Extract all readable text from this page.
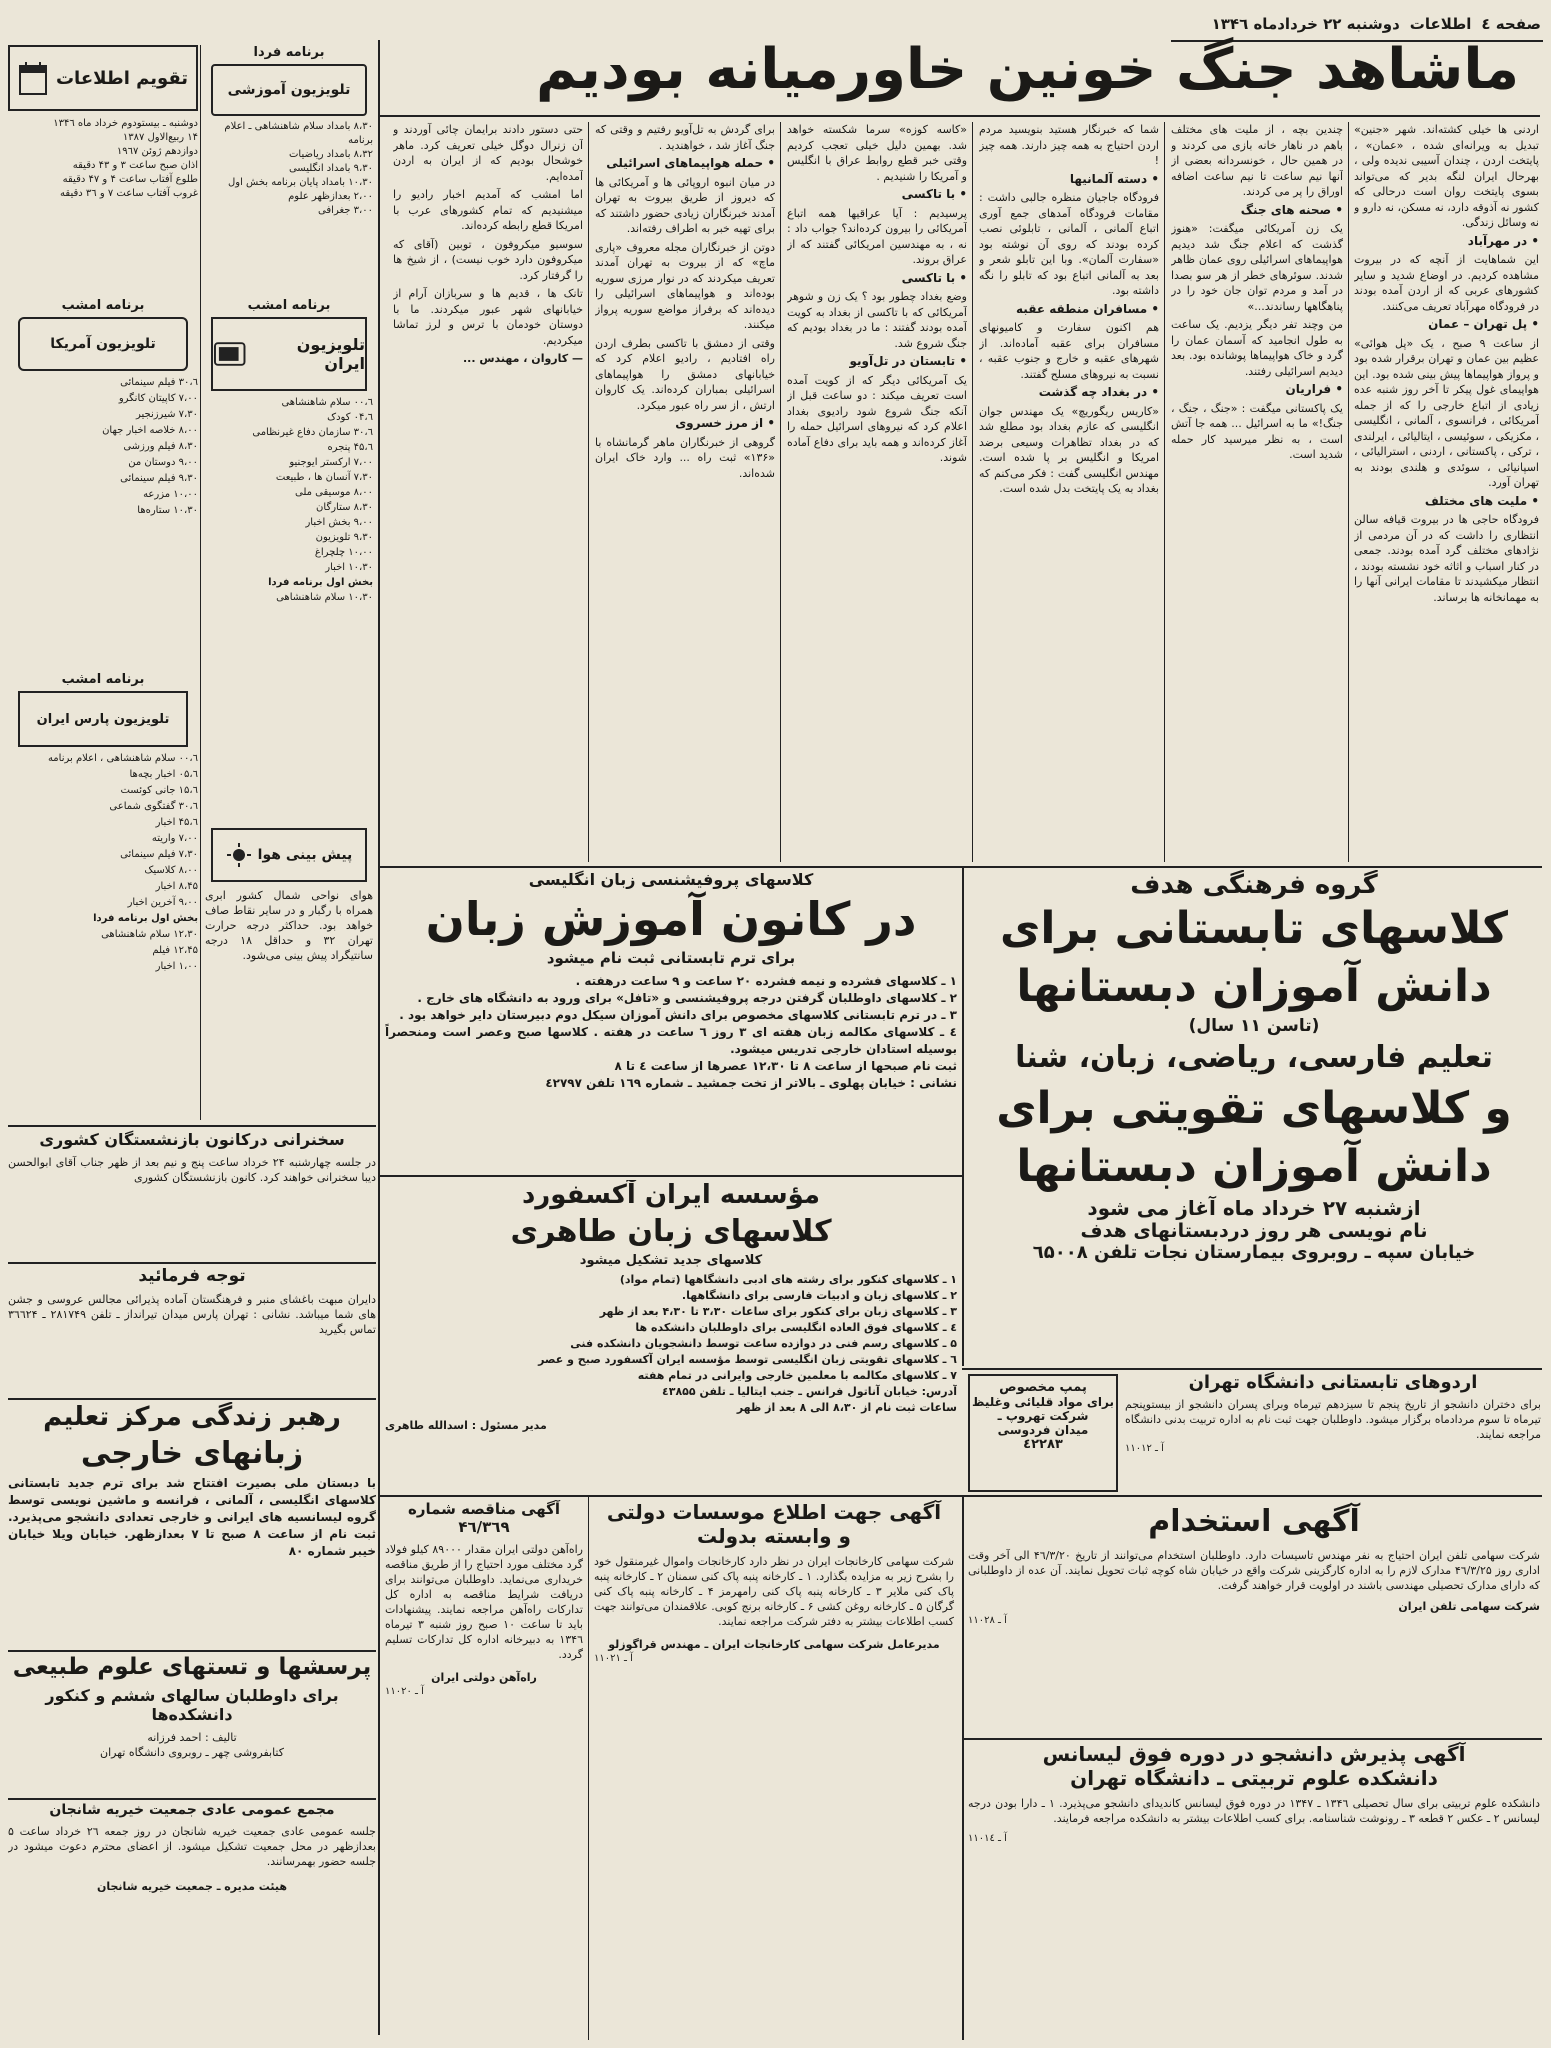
صفحه ٤
اطلاعات
دوشنبه ۲۲ خردادماه ۱۳۴٦
ماشاهد جنگ خونین خاورمیانه بودیم

اردنی ها خیلی کشته‌اند. شهر «جنین» تبدیل به ویرانه‌ای شده ، «عمان» ، پایتخت اردن ، چندان آسیبی ندیده ولی ، بهرحال ایران لنگه بدیر که می‌تواند بسوی پایتخت روان است درحالی که کشور نه آذوقه دارد، نه مسکن، نه دارو و نه وسائل زندگی.

• در مهرآباد

این شماهایت از آنچه که در بیروت مشاهده کردیم. در اوضاع شدید و سایر کشورهای عربی که از اردن آمده بودند در فرودگاه مهرآباد تعریف می‌کنند.

• پل تهران – عمان

از ساعت ۹ صبح ، یک «پل هوائی» عظیم بین عمان و تهران برقرار شده بود و پرواز هواپیماها پیش بینی شده بود. این هواپیمای غول پیکر تا آخر روز شنبه عده زیادی از اتباع خارجی را که از جمله آمریکائی ، فرانسوی ، آلمانی ، انگلیسی ، مکزیکی ، سوئیسی ، ایتالیائی ، ایرلندی ، ترکی ، پاکستانی ، اردنی ، استرالیائی ، اسپانیائی ، سوئدی و هلندی بودند به تهران آورد.

• ملیت های مختلف

فرودگاه حاجی ها در بیروت قیافه سالن انتظاری را داشت که در آن مردمی از نژادهای مختلف گرد آمده بودند. جمعی در کنار اسباب و اثاثه خود نشسته بودند ، انتظار میکشیدند تا مقامات ایرانی آنها را به مهمانخانه ها برساند.

چندین بچه ، از ملیت های مختلف باهم در ناهار خانه بازی می کردند و در همین حال ، خونسردانه بعضی از آنها نیم ساعت تا نیم ساعت اضافه اوراق را پر می کردند.

• صحنه های جنگ

یک زن آمریکائی میگفت: «هنوز گذشت که اعلام جنگ شد دیدیم هواپیماهای اسرائیلی روی عمان ظاهر شدند. سوئرهای خطر از هر سو بصدا در آمد و مردم توان جان خود را در پناهگاهها رساندند...»

من وچند تفر دیگر یزدیم. یک ساعت به طول انجامید که آسمان عمان را گرد و خاک هواپیماها پوشانده بود. بعد دیدیم اسرائیلی رفتند.

• فراریان

یک پاکستانی میگفت : «جنگ ، جنگ ، جنگ!» ما به اسرائیل ... همه جا آتش است ، به نظر میرسید کار حمله شدید است.

شما که خبرنگار هستید بنویسید مردم اردن احتیاج به همه چیز دارند. همه چیز !

• دسته آلمانیها

فرودگاه جاجیان منظره جالبی داشت : مقامات فرودگاه آمدهای جمع آوری اتباع آلمانی ، آلمانی ، تابلوئی نصب کرده بودند که روی آن نوشته بود «سفارت آلمان». وبا این تابلو شعر و بعد به آلمانی اتباع بود که تابلو را نگه داشته بود.

• مسافران منطقه عقبه

هم اکنون سفارت و کامیونهای مسافران برای عقبه آماده‌اند. از شهرهای عقبه و خارج و جنوب عقبه ، نسبت به نیروهای مسلح گفتند.

• در بغداد چه گذشت

«کاریس ریگوریچ» یک مهندس جوان انگلیسی که عازم بغداد بود مطلع شد که در بغداد تظاهرات وسیعی برضد امریکا و انگلیس بر پا شده است. مهندس انگلیسی گفت : فکر می‌کنم که بغداد به یک پایتخت بدل شده است.

«کاسه کوزه» سرما شکسته خواهد شد. بهمین دلیل خیلی تعجب کردیم وقتی خبر قطع روابط عراق با انگلیس و آمریکا را شنیدیم .

• با تاکسی

پرسیدیم : آیا عراقیها همه اتباع آمریکائی را بیرون کرده‌اند؟ جواب داد : نه ، به مهندسین امریکائی گفتند که از عراق بروند.

• با تاکسی

وضع بغداد چطور بود ؟ یک زن و شوهر آمریکائی که با تاکسی از بغداد به کویت آمده بودند گفتند : ما در بغداد بودیم که جنگ شروع شد.

• تابستان در تل‌آویو

یک آمریکائی دیگر که از کویت آمده است تعریف میکند : دو ساعت قبل از آنکه جنگ شروع شود رادیوی بغداد اعلام کرد که نیروهای اسرائیل حمله را آغاز کرده‌اند و همه باید برای دفاع آماده شوند.

برای گردش به تل‌آویو رفتیم و وقتی که جنگ آغاز شد ، خواهندید .

• حمله هواپیماهای اسرائیلی

در میان انبوه اروپائی ها و آمریکائی ها که دیروز از طریق بیروت به تهران آمدند خبرنگاران زیادی حضور داشتند که برای تهیه خبر به اطراف رفته‌اند.

دوتن از خبرنگاران مجله معروف «پاری ماچ» که از بیروت به تهران آمدند تعریف میکردند که در نوار مرزی سوریه بوده‌اند و هواپیماهای اسرائیلی را دیده‌اند که برفراز مواضع سوریه پرواز میکنند.

وقتی از دمشق با تاکسی بطرف اردن راه افتادیم ، رادیو اعلام کرد که خیابانهای دمشق را هواپیماهای اسرائیلی بمباران کرده‌اند. یک کاروان ارتش ، از سر راه عبور میکرد.

• از مرز خسروی

گروهی از خبرنگاران ماهر گرمانشاه با «۱۳۶» ثبت راه ... وارد خاک ایران شده‌اند.

حتی دستور دادند برایمان چائی آوردند و آن زنرال دوگل خیلی تعریف کرد. ماهر خوشحال بودیم که از ایران به اردن آمده‌ایم.

اما امشب که آمدیم اخبار رادیو را میشنیدیم که تمام کشورهای عرب با امریکا قطع رابطه کرده‌اند.

سوسیو میکروفون ، توبین (آقای که میکروفون دارد خوب نیست) ، از شیخ ها را گرفتار کرد.

تانک ها ، قدیم ها و سربازان آرام از خیابانهای شهر عبور میکردند. ما با دوستان خودمان با ترس و لرز تماشا میکردیم.

— کاروان ، مهندس ...

برنامه فردا
تلویزیون آموزشی
۸،۳۰ بامداد سلام شاهنشاهی ـ اعلام برنامه
۸،۳۲ بامداد ریاضیات
۹،۳۰ بامداد انگلیسی
۱۰،۳۰ بامداد پایان برنامه بخش اول
۲،۰۰ بعدازظهر علوم
۳،۰۰ جغرافی
تقویم اطلاعات
دوشنبه ـ بیستودوم خرداد ماه ۱۳۴٦
۱۴ ربیع‌الاول ۱۳۸۷
دوازدهم ژوئن ۱۹٦۷
اذان صبح ساعت ۳ و ۴۳ دقیقه
طلوع آفتاب ساعت ۴ و ۴۷ دقیقه
غروب آفتاب ساعت ۷ و ۳٦ دقیقه
برنامه امشب
تلویزیون ایران
٦،۰۰ سلام شاهنشاهی
٦،۰۴ کودک
٦،۳۰ سازمان دفاع غیرنظامی
٦،۴۵ پنجره
۷،۰۰ ارکستر ایوجنیو
۷،۳۰ آنسان ها ، طبیعت
۸،۰۰ موسیقی ملی
۸،۳۰ ستارگان
۹،۰۰ بخش اخبار
۹،۳۰ تلویزیون
۱۰،۰۰ چلچراغ
۱۰،۳۰ اخبار
بخش اول برنامه فردا
۱۰،۳۰ سلام شاهنشاهی
برنامه امشب
تلویزیون آمریکا
٦،۳۰ فیلم سینمائی
۷،۰۰ کاپیتان کانگرو
۷،۳۰ شیرزنجیر
۸،۰۰ خلاصه اخبار جهان
۸،۳۰ فیلم ورزشی
۹،۰۰ دوستان من
۹،۳۰ فیلم سینمائی
۱۰،۰۰ مزرعه
۱۰،۳۰ ستاره‌ها
برنامه امشب
تلویزیون پارس ایران
٦،۰۰ سلام شاهنشاهی ، اعلام برنامه
٦،۰۵ اخبار بچه‌ها
٦،۱۵ جانی کوئست
٦،۳۰ گفتگوی شماعی
٦،۴۵ اخبار
۷،۰۰ واریته
۷،۳۰ فیلم سینمائی
۸،۰۰ کلاسیک
۸،۴۵ اخبار
۹،۰۰ آخرین اخبار
بخش اول برنامه فردا
۱۲،۳۰ سلام شاهنشاهی
۱۲،۴۵ فیلم
۱،۰۰ اخبار
پیش بینی هوا
هوای نواحی شمال کشور ابری همراه با رگبار و در سایر نقاط صاف خواهد بود. حداکثر درجه حرارت تهران ۳۲ و حداقل ۱۸ درجه سانتیگراد پیش بینی می‌شود.
سخنرانی درکانون بازنشستگان کشوری
در جلسه چهارشنبه ۲۴ خرداد ساعت پنج و نیم بعد از ظهر جناب آقای ابوالحسن دیبا سخنرانی خواهند کرد. کانون بازنشستگان کشوری
توجه فرمائید
دایران مبهت باغشای منبر و فرهنگستان آماده پذیرائی مجالس عروسی و جشن های شما میباشد. نشانی : تهران پارس میدان تیرانداز ـ تلفن ۲۸۱۷۴۹ ـ ۳٦٦۲۴ تماس بگیرید
رهبر زندگی مرکز تعلیم
زبانهای خارجی
با دبستان ملی بصیرت افتتاح شد برای ترم جدید تابستانی کلاسهای انگلیسی ، آلمانی ، فرانسه و ماشین نویسی توسط گروه لیسانسیه های ایرانی و خارجی تعدادی دانشجو می‌پذیرد. ثبت نام از ساعت ۸ صبح تا ۷ بعدازظهر. خیابان ویلا خیابان خیبر شماره ۸۰
پرسشها و تستهای علوم طبیعی
برای داوطلبان سالهای ششم و کنکور دانشکده‌ها
تالیف : احمد فرزانه
کتابفروشی چهر ـ روبروی دانشگاه تهران
مجمع عمومی عادی جمعیت خیریه شانجان
جلسه عمومی عادی جمعیت خیریه شانجان در روز جمعه ۲٦ خرداد ساعت ۵ بعدازظهر در محل جمعیت تشکیل میشود. از اعضای محترم دعوت میشود در جلسه حضور بهمرسانند.
هیئت مدیره ـ جمعیت خیریه شانجان
کلاسهای پروفیشنسی زبان انگلیسی
در کانون آموزش زبان
برای ترم تابستانی ثبت نام میشود
۱ ـ کلاسهای فشرده و نیمه فشرده ۲۰ ساعت و ۹ ساعت درهفته .
۲ ـ کلاسهای داوطلبان گرفتن درجه پروفیشنسی و «تافل» برای ورود به دانشگاه های خارج .
۳ ـ در ترم تابستانی کلاسهای مخصوص برای دانش آموزان سیکل دوم دبیرستان دایر خواهد بود .
٤ ـ کلاسهای مکالمه زبان هفته ای ۳ روز ٦ ساعت در هفته . کلاسها صبح وعصر است ومنحصراً بوسیله استادان خارجی تدریس میشود.
ثبت نام صبحها از ساعت ۸ تا ۱۲،۳۰ عصرها از ساعت ٤ تا ۸
نشانی : خیابان پهلوی ـ بالاتر از تخت جمشید ـ شماره ۱٦۹ تلفن ٤۲۷۹۷
مؤسسه ایران آکسفورد
کلاسهای زبان طاهری
کلاسهای جدید تشکیل میشود
۱ ـ کلاسهای کنکور برای رشته های ادبی دانشگاهها (تمام مواد)
۲ ـ کلاسهای زبان و ادبیات فارسی برای دانشگاهها.
۳ ـ کلاسهای زبان برای کنکور برای ساعات ۳،۳۰ تا ۴،۳۰ بعد از ظهر
٤ ـ کلاسهای فوق العاده انگلیسی برای داوطلبان دانشکده ها
۵ ـ کلاسهای رسم فنی در دوازده ساعت توسط دانشجویان دانشکده فنی
٦ ـ کلاسهای تقویتی زبان انگلیسی توسط مؤسسه ایران آکسفورد صبح و عصر
۷ ـ کلاسهای مکالمه با معلمین خارجی وایرانی در تمام هفته
آدرس: خیابان آناتول فرانس ـ جنب ایتالیا ـ تلفن ٤۳۸۵۵
ساعات ثبت نام از ۸،۳۰ الی ۸ بعد از ظهر
مدیر مسئول : اسدالله طاهری
گروه فرهنگی هدف
کلاسهای تابستانی برای
دانش آموزان دبستانها
(تاسن ۱۱ سال)
تعلیم فارسی، ریاضی، زبان، شنا
و کلاسهای تقویتی برای
دانش آموزان دبستانها
ازشنبه ۲۷ خرداد ماه آغاز می شود
نام نویسی هر روز دردبستانهای هدف
خیابان سپه ـ روبروی بیمارستان نجات تلفن ٦۵۰۰۸
پمپ مخصوص
برای مواد قلیائی وغلیظ
شرکت تهروپ ـ
میدان فردوسی
٤۲۲۸۳
اردوهای تابستانی دانشگاه تهران
برای دختران دانشجو از تاریخ پنجم تا سیزدهم تیرماه وبرای پسران دانشجو از بیستوپنجم تیرماه تا سوم مردادماه برگزار میشود. داوطلبان جهت ثبت نام به اداره تربیت بدنی دانشگاه مراجعه نمایند.
آ ـ ۱۱۰۱۲
آگهی مناقصه شماره ۴٦/۳٦۹
راه‌آهن دولتی ایران مقدار ۸۹۰۰۰ کیلو فولاد گرد مختلف مورد احتیاج را از طریق مناقصه خریداری می‌نماید. داوطلبان می‌توانند برای دریافت شرایط مناقصه به اداره کل تدارکات راه‌آهن مراجعه نمایند. پیشنهادات باید تا ساعت ۱۰ صبح روز شنبه ۳ تیرماه ۱۳۴٦ به دبیرخانه اداره کل تدارکات تسلیم گردد.
راه‌آهن دولتی ایران
آ ـ ۱۱۰۲۰
آگهی جهت اطلاع موسسات دولتی
و وابسته بدولت
شرکت سهامی کارخانجات ایران در نظر دارد کارخانجات واموال غیرمنقول خود را بشرح زیر به مزایده بگذارد. ۱ ـ کارخانه پنبه پاک کنی سمنان ۲ ـ کارخانه پنبه پاک کنی ملایر ۳ ـ کارخانه پنبه پاک کنی رامهرمز ۴ ـ کارخانه پنبه پاک کنی گرگان ۵ ـ کارخانه روغن کشی ۶ ـ کارخانه برنج کوبی. علاقمندان می‌توانند جهت کسب اطلاعات بیشتر به دفتر شرکت مراجعه نمایند.
مدیرعامل شرکت سهامی کارخانجات ایران ـ مهندس قراگوزلو
آ ـ ۱۱۰۲۱
آگهی استخدام
شرکت سهامی تلفن ایران احتیاج به نفر مهندس تاسیسات دارد. داوطلبان استخدام می‌توانند از تاریخ ۴٦/۳/۲۰ الی آخر وقت اداری روز ۴٦/۳/۲۵ مدارک لازم را به اداره کارگزینی شرکت واقع در خیابان شاه کوچه ثبات تحویل نمایند. آن عده از داوطلبانی که دارای مدارک تحصیلی مهندسی باشند در اولویت قرار خواهند گرفت.
شرکت سهامی تلفن ایران
آ ـ ۱۱۰۲۸
آگهی پذیرش دانشجو در دوره فوق لیسانس
دانشکده علوم تربیتی ـ دانشگاه تهران
دانشکده علوم تربیتی برای سال تحصیلی ۱۳۴٦ ـ ۱۳۴۷ در دوره فوق لیسانس کاندیدای دانشجو می‌پذیرد. ۱ ـ دارا بودن درجه لیسانس ۲ ـ عکس ۲ قطعه ۳ ـ رونوشت شناسنامه. برای کسب اطلاعات بیشتر به دانشکده مراجعه فرمایند.
آ ـ ۱۱۰۱٤
